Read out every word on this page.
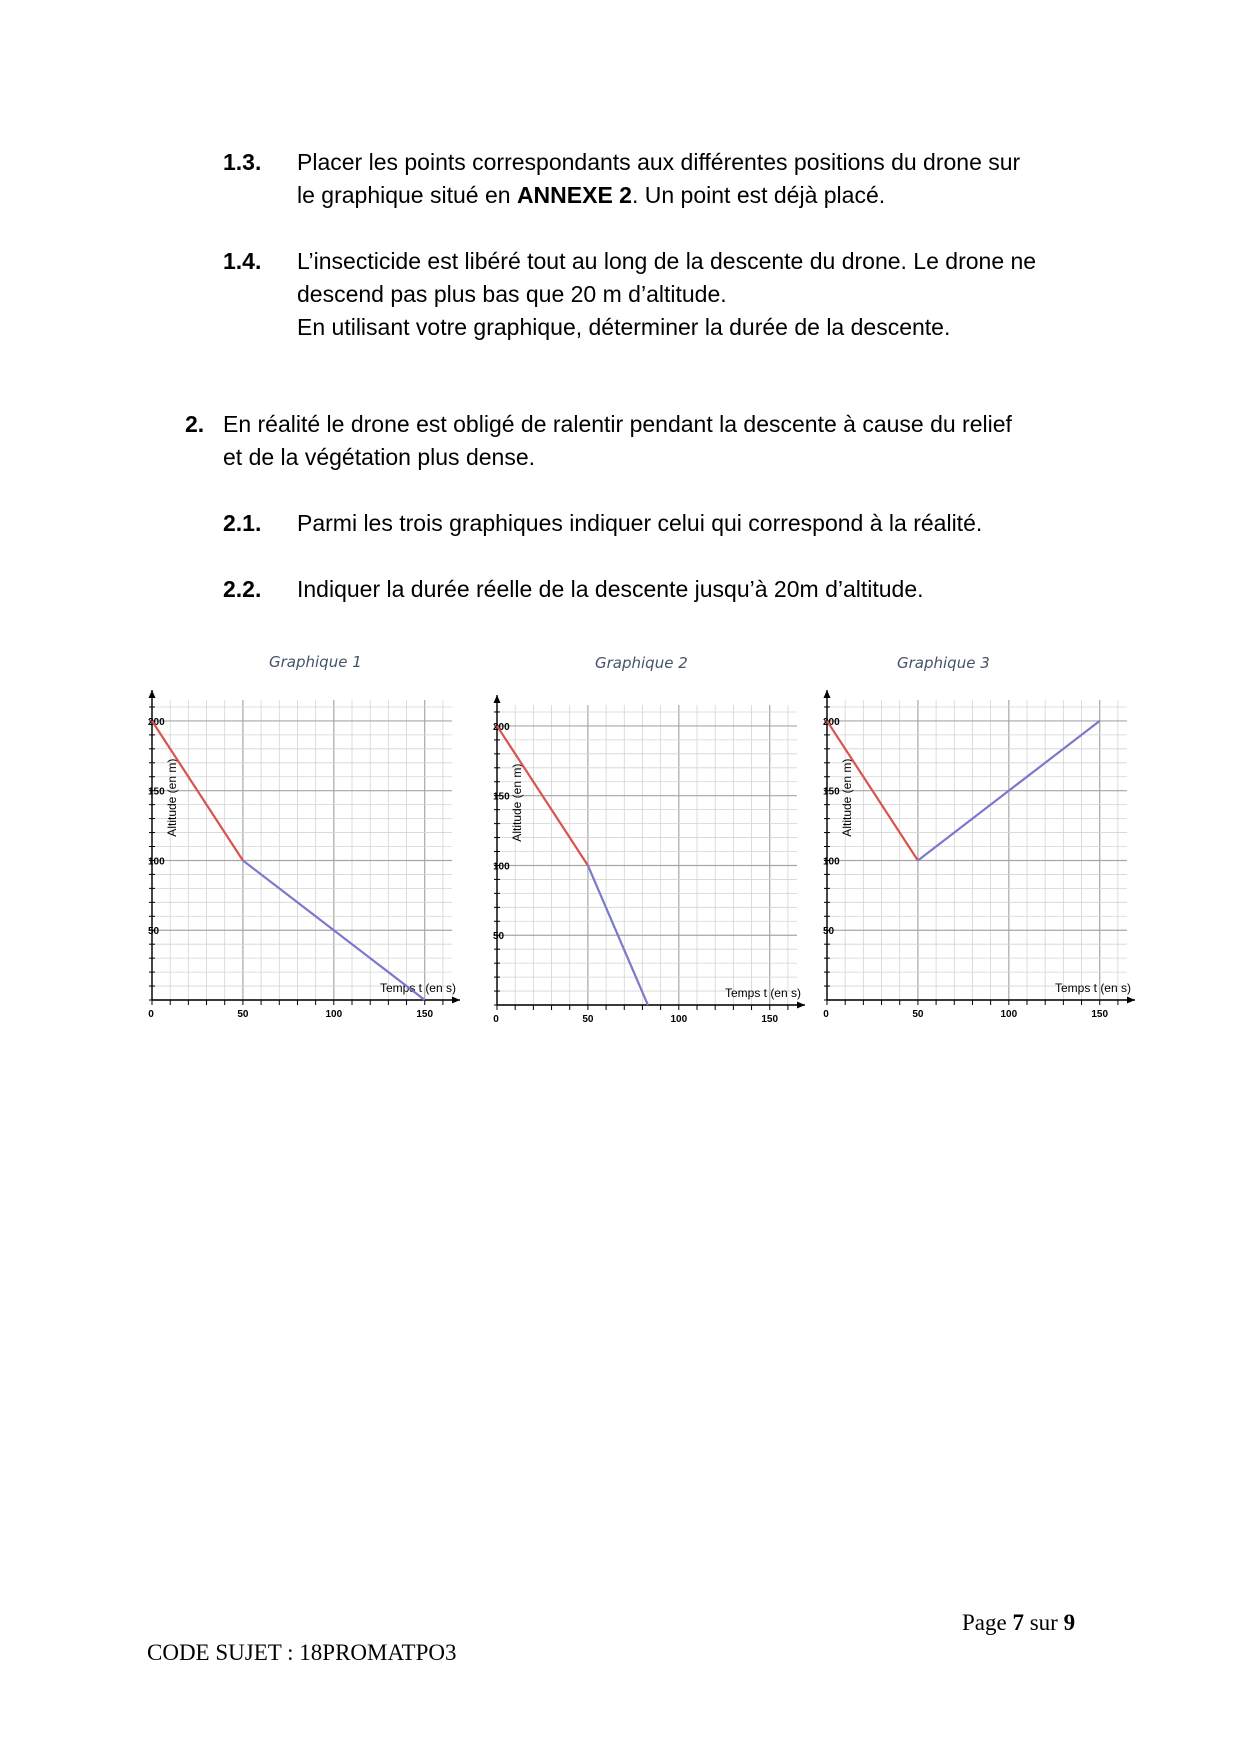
1.3. Placer les points correspondants aux différentes positions du drone sur
le graphique situé en ANNEXE 2. Un point est déjà placé.
1.4. L’insecticide est libéré tout au long de la descente du drone. Le drone ne
descend pas plus bas que 20 m d’altitude.
En utilisant votre graphique, déterminer la durée de la descente.
2. En réalité le drone est obligé de ralentir pendant la descente à cause du relief
et de la végétation plus dense.
2.1. Parmi les trois graphiques indiquer celui qui correspond à la réalité.
2.2. Indiquer la durée réelle de la descente jusqu’à 20m d’altitude.
Graphique 1	Graphique 2	Graphique 3
0	50	100	150
50
100
150
200
Temps t (en s)
Altitude (en m)
0	50	100	150
50
100
150
200
Temps t (en s)
Altitude (en m)
0	50	100	150
50
100
150
200
Temps t (en s)
Altitude (en m)
Page 7 sur 9
CODE SUJET : 18PROMATPO3
